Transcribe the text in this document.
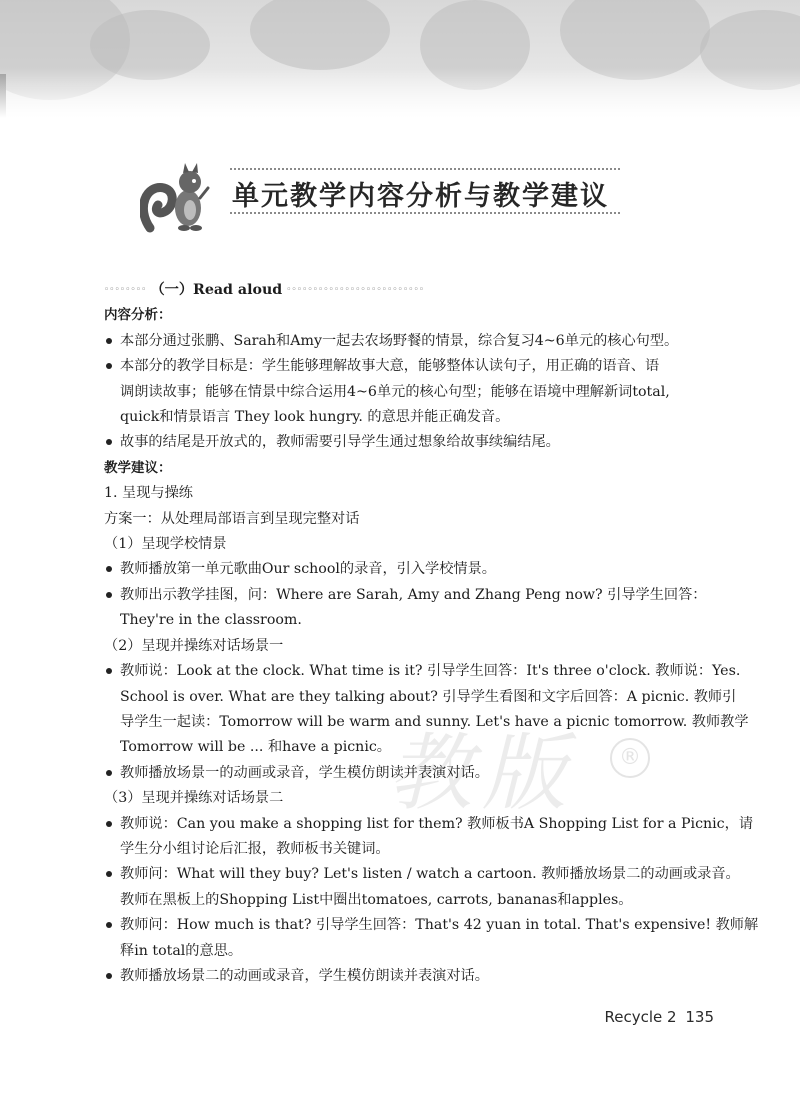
单元教学内容分析与教学建议
教版	®
◦◦◦◦◦◦◦◦ （一） Read aloud ◦◦◦◦◦◦◦◦◦◦◦◦◦◦◦◦◦◦◦◦◦◦◦◦◦◦
内容分析：
本部分通过张鹏、Sarah和Amy一起去农场野餐的情景，综合复习4~6单元的核心句型。
本部分的教学目标是：学生能够理解故事大意，能够整体认读句子，用正确的语音、语
调朗读故事；能够在情景中综合运用4~6单元的核心句型；能够在语境中理解新词total,
quick和情景语言 They look hungry. 的意思并能正确发音。
故事的结尾是开放式的，教师需要引导学生通过想象给故事续编结尾。
教学建议：
1. 呈现与操练
方案一：从处理局部语言到呈现完整对话
（1）呈现学校情景
教师播放第一单元歌曲Our school的录音，引入学校情景。
教师出示教学挂图，问：Where are Sarah, Amy and Zhang Peng now? 引导学生回答：
They're in the classroom.
（2）呈现并操练对话场景一
教师说：Look at the clock. What time is it? 引导学生回答：It's three o'clock. 教师说：Yes.
School is over. What are they talking about? 引导学生看图和文字后回答：A picnic. 教师引
导学生一起读：Tomorrow will be warm and sunny. Let's have a picnic tomorrow. 教师教学
Tomorrow will be ... 和have a picnic。
教师播放场景一的动画或录音，学生模仿朗读并表演对话。
（3）呈现并操练对话场景二
教师说：Can you make a shopping list for them? 教师板书A Shopping List for a Picnic，请
学生分小组讨论后汇报，教师板书关键词。
教师问：What will they buy? Let's listen / watch a cartoon. 教师播放场景二的动画或录音。
教师在黑板上的Shopping List中圈出tomatoes, carrots, bananas和apples。
教师问：How much is that? 引导学生回答：That's 42 yuan in total. That's expensive! 教师解
释in total的意思。
教师播放场景二的动画或录音，学生模仿朗读并表演对话。
Recycle 2 135
